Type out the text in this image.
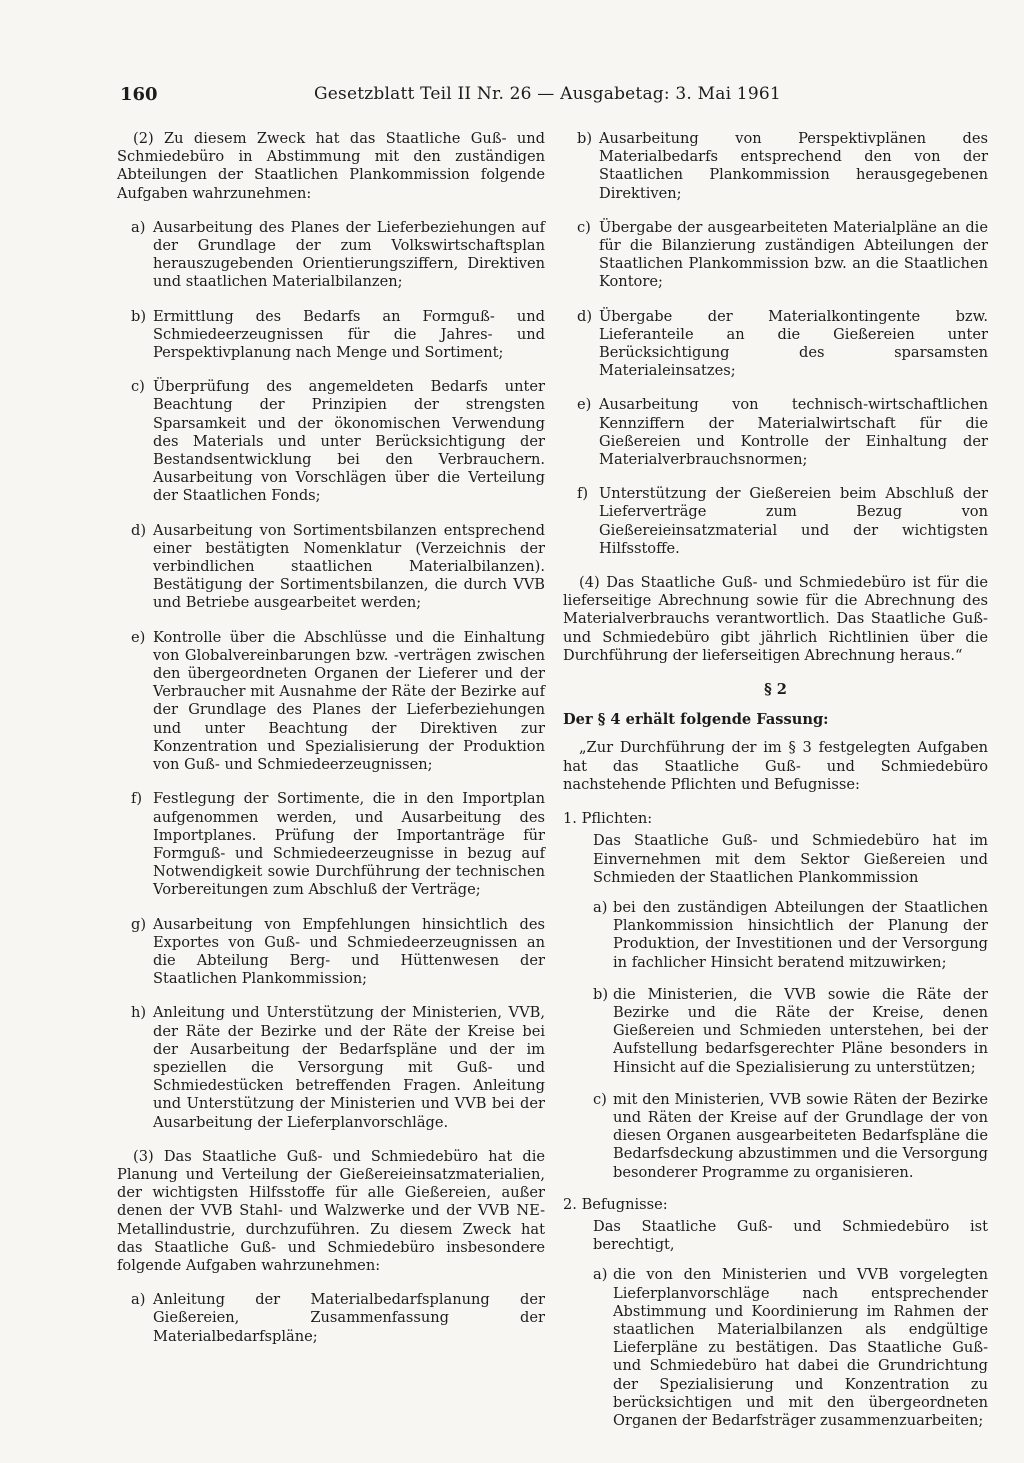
160	Gesetzblatt Teil II Nr. 26 — Ausgabetag: 3. Mai 1961

(2) Zu diesem Zweck hat das Staatliche Guß- und Schmiedebüro in Abstimmung mit den zuständigen Abteilungen der Staatlichen Plankommission folgende Aufgaben wahrzunehmen:

a) Ausarbeitung des Planes der Lieferbeziehungen auf der Grundlage der zum Volkswirtschaftsplan herauszugebenden Orientierungsziffern, Direktiven und staatlichen Materialbilanzen;
b) Ermittlung des Bedarfs an Formguß- und Schmiedeerzeugnissen für die Jahres- und Perspektivplanung nach Menge und Sortiment;
c) Überprüfung des angemeldeten Bedarfs unter Beachtung der Prinzipien der strengsten Sparsamkeit und der ökonomischen Verwendung des Materials und unter Berücksichtigung der Bestandsentwicklung bei den Verbrauchern. Ausarbeitung von Vorschlägen über die Verteilung der Staatlichen Fonds;
d) Ausarbeitung von Sortimentsbilanzen entsprechend einer bestätigten Nomenklatur (Verzeichnis der verbindlichen staatlichen Materialbilanzen). Bestätigung der Sortimentsbilanzen, die durch VVB und Betriebe ausgearbeitet werden;
e) Kontrolle über die Abschlüsse und die Einhaltung von Globalvereinbarungen bzw. -verträgen zwischen den übergeordneten Organen der Lieferer und der Verbraucher mit Ausnahme der Räte der Bezirke auf der Grundlage des Planes der Lieferbeziehungen und unter Beachtung der Direktiven zur Konzentration und Spezialisierung der Produktion von Guß- und Schmiedeerzeugnissen;
f) Festlegung der Sortimente, die in den Importplan aufgenommen werden, und Ausarbeitung des Importplanes. Prüfung der Importanträge für Formguß- und Schmiedeerzeugnisse in bezug auf Notwendigkeit sowie Durchführung der technischen Vorbereitungen zum Abschluß der Verträge;
g) Ausarbeitung von Empfehlungen hinsichtlich des Exportes von Guß- und Schmiedeerzeugnissen an die Abteilung Berg- und Hüttenwesen der Staatlichen Plankommission;
h) Anleitung und Unterstützung der Ministerien, VVB, der Räte der Bezirke und der Räte der Kreise bei der Ausarbeitung der Bedarfspläne und der im speziellen die Versorgung mit Guß- und Schmiedestücken betreffenden Fragen. Anleitung und Unterstützung der Ministerien und VVB bei der Ausarbeitung der Lieferplanvorschläge.

(3) Das Staatliche Guß- und Schmiedebüro hat die Planung und Verteilung der Gießereieinsatzmaterialien, der wichtigsten Hilfsstoffe für alle Gießereien, außer denen der VVB Stahl- und Walzwerke und der VVB NE-Metallindustrie, durchzuführen. Zu diesem Zweck hat das Staatliche Guß- und Schmiedebüro insbesondere folgende Aufgaben wahrzunehmen:

a) Anleitung der Materialbedarfsplanung der Gießereien, Zusammenfassung der Materialbedarfspläne;
b) Ausarbeitung von Perspektivplänen des Materialbedarfs entsprechend den von der Staatlichen Plankommission herausgegebenen Direktiven;
c) Übergabe der ausgearbeiteten Materialpläne an die für die Bilanzierung zuständigen Abteilungen der Staatlichen Plankommission bzw. an die Staatlichen Kontore;
d) Übergabe der Materialkontingente bzw. Lieferanteile an die Gießereien unter Berücksichtigung des sparsamsten Materialeinsatzes;
e) Ausarbeitung von technisch-wirtschaftlichen Kennziffern der Materialwirtschaft für die Gießereien und Kontrolle der Einhaltung der Materialverbrauchsnormen;
f) Unterstützung der Gießereien beim Abschluß der Lieferverträge zum Bezug von Gießereieinsatzmaterial und der wichtigsten Hilfsstoffe.

(4) Das Staatliche Guß- und Schmiedebüro ist für die lieferseitige Abrechnung sowie für die Abrechnung des Materialverbrauchs verantwortlich. Das Staatliche Guß- und Schmiedebüro gibt jährlich Richtlinien über die Durchführung der lieferseitigen Abrechnung heraus.“

§ 2

Der § 4 erhält folgende Fassung:

„Zur Durchführung der im § 3 festgelegten Aufgaben hat das Staatliche Guß- und Schmiedebüro nachstehende Pflichten und Befugnisse:

1. Pflichten:

Das Staatliche Guß- und Schmiedebüro hat im Einvernehmen mit dem Sektor Gießereien und Schmieden der Staatlichen Plankommission

a) bei den zuständigen Abteilungen der Staatlichen Plankommission hinsichtlich der Planung der Produktion, der Investitionen und der Versorgung in fachlicher Hinsicht beratend mitzuwirken;
b) die Ministerien, die VVB sowie die Räte der Bezirke und die Räte der Kreise, denen Gießereien und Schmieden unterstehen, bei der Aufstellung bedarfsgerechter Pläne besonders in Hinsicht auf die Spezialisierung zu unterstützen;
c) mit den Ministerien, VVB sowie Räten der Bezirke und Räten der Kreise auf der Grundlage der von diesen Organen ausgearbeiteten Bedarfspläne die Bedarfsdeckung abzustimmen und die Versorgung besonderer Programme zu organisieren.

2. Befugnisse:

Das Staatliche Guß- und Schmiedebüro ist berechtigt,

a) die von den Ministerien und VVB vorgelegten Lieferplanvorschläge nach entsprechender Abstimmung und Koordinierung im Rahmen der staatlichen Materialbilanzen als endgültige Lieferpläne zu bestätigen. Das Staatliche Guß- und Schmiedebüro hat dabei die Grundrichtung der Spezialisierung und Konzentration zu berücksichtigen und mit den übergeordneten Organen der Bedarfsträger zusammenzuarbeiten;
